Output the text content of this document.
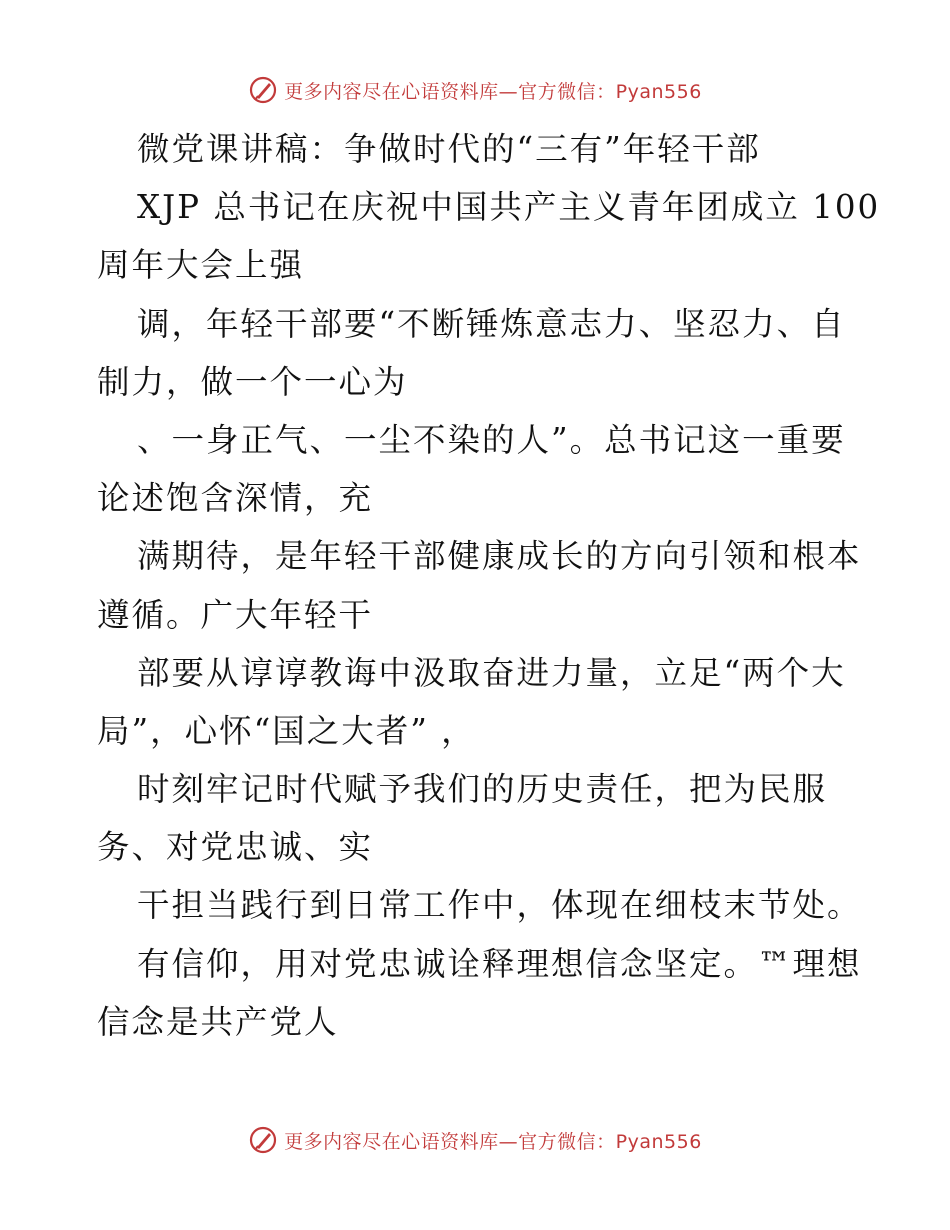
更多内容尽在心语资料库—官方微信：Pyan556
微党课讲稿：争做时代的“三有”年轻干部
XJP 总书记在庆祝中国共产主义青年团成立 100
周年大会上强
调，年轻干部要“不断锤炼意志力、坚忍力、自
制力，做一个一心为
、一身正气、一尘不染的人”。总书记这一重要
论述饱含深情，充
满期待，是年轻干部健康成长的方向引领和根本
遵循。广大年轻干
部要从谆谆教诲中汲取奋进力量，立足“两个大
局”，心怀“国之大者” ，
时刻牢记时代赋予我们的历史责任，把为民服
务、对党忠诚、实
干担当践行到日常工作中，体现在细枝末节处。
有信仰，用对党忠诚诠释理想信念坚定。™理想
信念是共产党人
更多内容尽在心语资料库—官方微信：Pyan556
